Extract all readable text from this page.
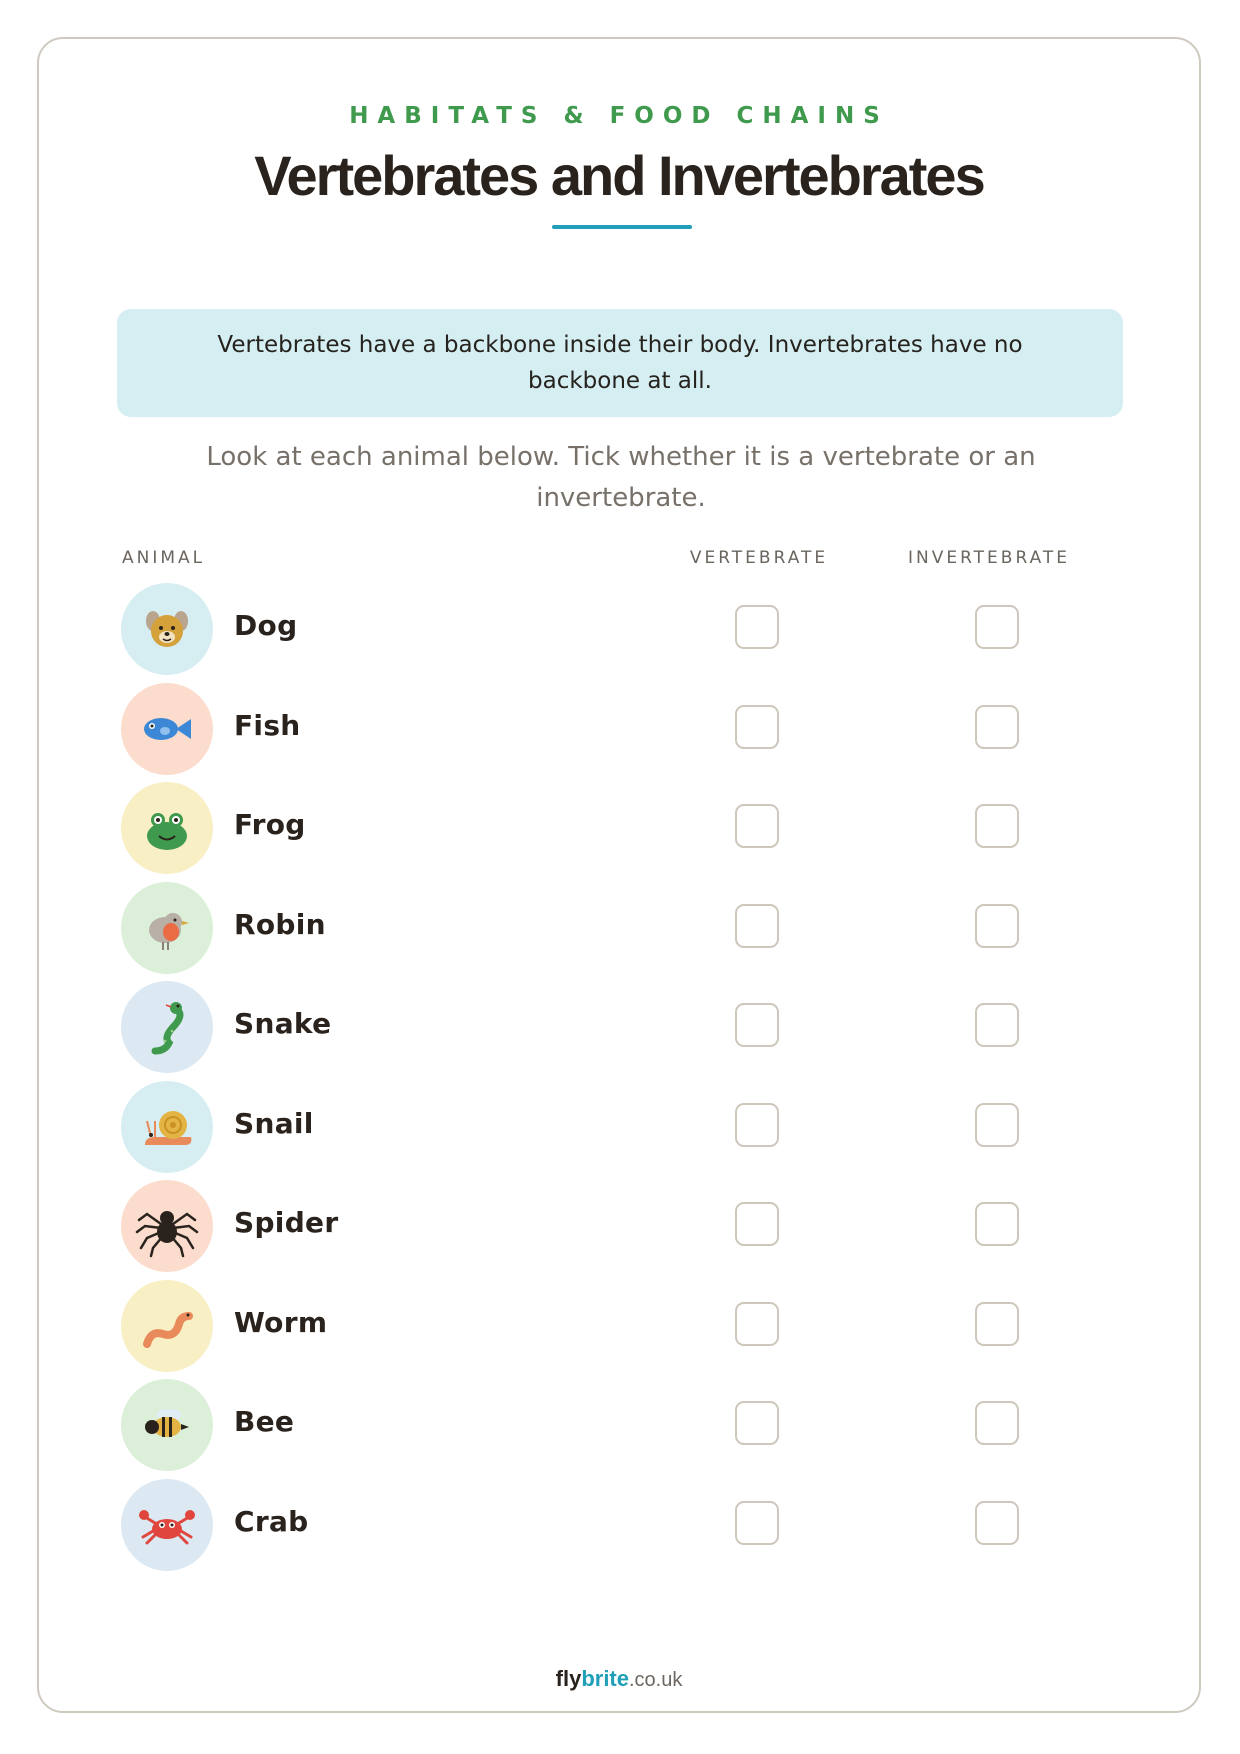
HABITATS & FOOD CHAINS
Vertebrates and Invertebrates
Vertebrates have a backbone inside their body. Invertebrates have no backbone at all.
Look at each animal below. Tick whether it is a vertebrate or an invertebrate.
ANIMAL	VERTEBRATE	INVERTEBRATE
Dog
Fish
Frog
Robin
Snake
Snail
Spider
Worm
Bee
Crab
flybrite.co.uk
